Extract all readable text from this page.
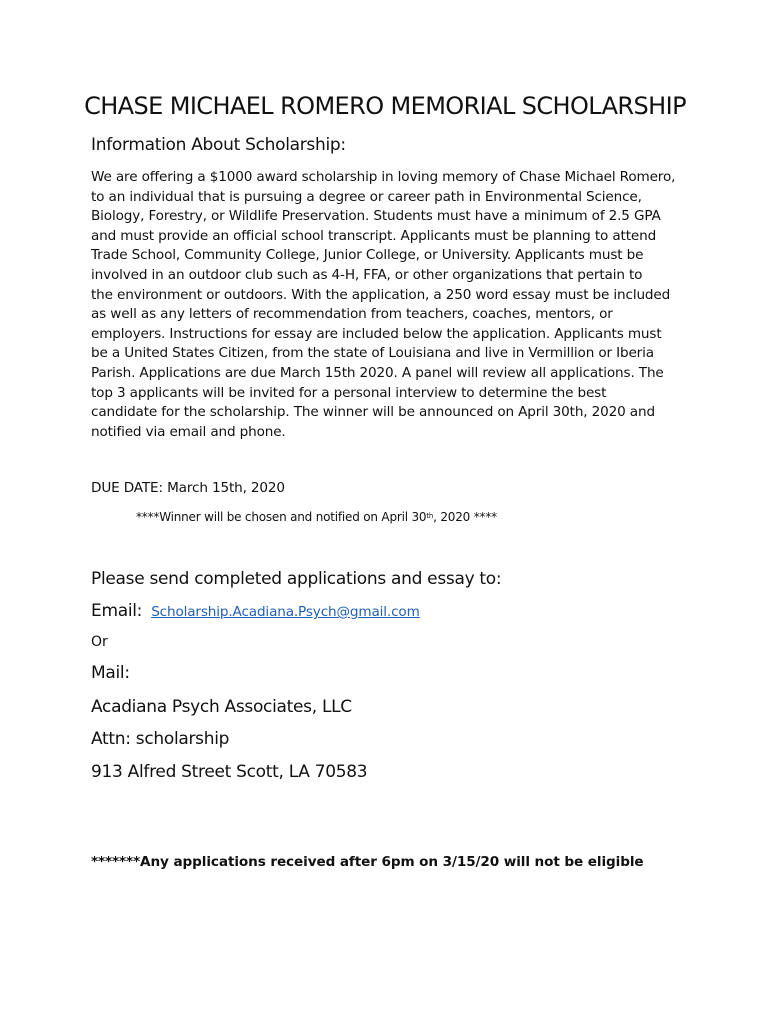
CHASE MICHAEL ROMERO MEMORIAL SCHOLARSHIP
Information About Scholarship:
We are offering a $1000 award scholarship in loving memory of Chase Michael Romero,
to an individual that is pursuing a degree or career path in Environmental Science,
Biology, Forestry, or Wildlife Preservation. Students must have a minimum of 2.5 GPA
and must provide an official school transcript. Applicants must be planning to attend
Trade School, Community College, Junior College, or University. Applicants must be
involved in an outdoor club such as 4-H, FFA, or other organizations that pertain to
the environment or outdoors. With the application, a 250 word essay must be included
as well as any letters of recommendation from teachers, coaches, mentors, or
employers. Instructions for essay are included below the application. Applicants must
be a United States Citizen, from the state of Louisiana and live in Vermillion or Iberia
Parish. Applications are due March 15th 2020. A panel will review all applications. The
top 3 applicants will be invited for a personal interview to determine the best
candidate for the scholarship. The winner will be announced on April 30th, 2020 and
notified via email and phone.
DUE DATE: March 15th, 2020
****Winner will be chosen and notified on April 30th, 2020 ****
Please send completed applications and essay to:
Email: Scholarship.Acadiana.Psych@gmail.com
Or
Mail:
Acadiana Psych Associates, LLC
Attn: scholarship
913 Alfred Street Scott, LA 70583
*******Any applications received after 6pm on 3/15/20 will not be eligible
